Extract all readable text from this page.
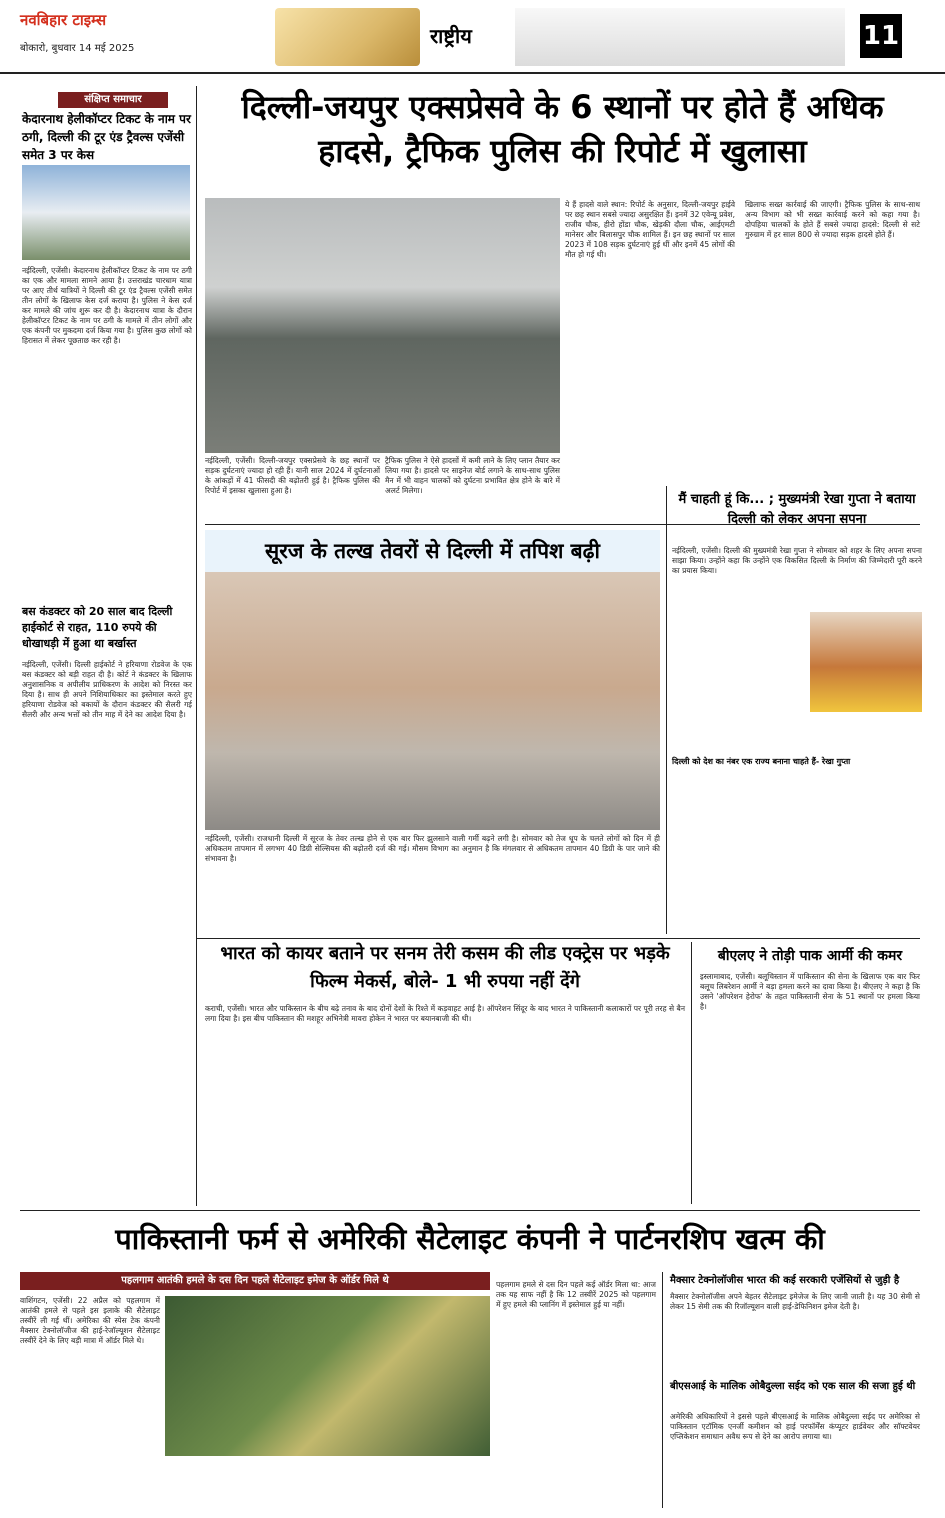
नवबिहार टाइम्स
बोकारो, बुधवार 14 मई 2025
राष्ट्रीय	11
संक्षिप्त समाचार
केदारनाथ हेलीकॉप्टर टिकट के नाम पर ठगी, दिल्ली की टूर एंड ट्रैवल्स एजेंसी समेत 3 पर केस
नईदिल्ली, एजेंसी। केदारनाथ हेलीकॉप्टर टिकट के नाम पर ठगी का एक और मामला सामने आया है। उत्तराखंड चारधाम यात्रा पर आए तीर्थ यात्रियों ने दिल्ली की टूर एंड ट्रैवल्स एजेंसी समेत तीन लोगों के खिलाफ केस दर्ज कराया है। पुलिस ने केस दर्ज कर मामले की जांच शुरू कर दी है। केदारनाथ यात्रा के दौरान हेलीकॉप्टर टिकट के नाम पर ठगी के मामले में तीन लोगों और एक कंपनी पर मुकदमा दर्ज किया गया है। पुलिस कुछ लोगों को हिरासत में लेकर पूछताछ कर रही है।
बस कंडक्टर को 20 साल बाद दिल्ली हाईकोर्ट से राहत, 110 रुपये की धोखाधड़ी में हुआ था बर्खास्त
नईदिल्ली, एजेंसी। दिल्ली हाईकोर्ट ने हरियाणा रोडवेज के एक बस कंडक्टर को बड़ी राहत दी है। कोर्ट ने कंडक्टर के खिलाफ अनुशासनिक व अपीलीय प्राधिकरण के आदेश को निरस्त कर दिया है। साथ ही अपने निशियाधिकार का इस्तेमाल करते हुए हरियाणा रोडवेज को बकायों के दौरान कंडक्टर की सैलरी गई सैलरी और अन्य भत्तों को तीन माह में देने का आदेश दिया है।
दिल्ली-जयपुर एक्सप्रेसवे के 6 स्थानों पर होते हैं अधिक हादसे, ट्रैफिक पुलिस की रिपोर्ट में खुलासा
नईदिल्ली, एजेंसी। दिल्ली-जयपुर एक्सप्रेसवे के छह स्थानों पर सड़क दुर्घटनाएं ज्यादा हो रही हैं। यानी साल 2024 में दुर्घटनाओं के आंकड़ों में 41 फीसदी की बढ़ोतरी हुई है। ट्रैफिक पुलिस की रिपोर्ट में इसका खुलासा हुआ है।
ट्रैफिक पुलिस ने ऐसे हादसों में कमी लाने के लिए प्लान तैयार कर लिया गया है। हादसे पर साइनेज बोर्ड लगाने के साथ-साथ पुलिस मैन में भी वाहन चालकों को दुर्घटना प्रभावित क्षेत्र होने के बारे में अलर्ट मिलेगा।
ये हैं हादसे वाले स्थान: रिपोर्ट के अनुसार, दिल्ली-जयपुर हाईवे पर छह स्थान सबसे ज्यादा असुरक्षित हैं। इनमें 32 एवेन्यू प्रवेश, राजीव चौक, हीरो होंडा चौक, खेड़की दौला चौक, आईएमटी मानेसर और बिलासपुर चौक शामिल हैं। इन छह स्थानों पर साल 2023 में 108 सड़क दुर्घटनाएं हुई थीं और इनमें 45 लोगों की मौत हो गई थी।
खिलाफ सख्त कार्रवाई की जाएगी। ट्रैफिक पुलिस के साथ-साथ अन्य विभाग को भी सख्त कार्रवाई करने को कहा गया है। दोपहिया चालकों के होते हैं सबसे ज्यादा हादसे: दिल्ली से सटे गुरुग्राम में हर साल 800 से ज्यादा सड़क हादसे होते हैं।
सूरज के तल्ख तेवरों से दिल्ली में तपिश बढ़ी
नईदिल्ली, एजेंसी। राजधानी दिल्ली में सूरज के तेवर तल्ख होने से एक बार फिर झुलसाने वाली गर्मी बढ़ने लगी है। सोमवार को तेज धूप के चलते लोगों को दिन में ही अधिकतम तापमान में लगभग 40 डिग्री सेल्सियस की बढ़ोतरी दर्ज की गई। मौसम विभाग का अनुमान है कि मंगलवार से अधिकतम तापमान 40 डिग्री के पार जाने की संभावना है।
मैं चाहती हूं कि... ; मुख्यमंत्री रेखा गुप्ता ने बताया दिल्ली को लेकर अपना सपना
नईदिल्ली, एजेंसी। दिल्ली की मुख्यमंत्री रेखा गुप्ता ने सोमवार को शहर के लिए अपना सपना साझा किया। उन्होंने कहा कि उन्होंने एक विकसित दिल्ली के निर्माण की जिम्मेदारी पूरी करने का प्रयास किया।
दिल्ली को देश का नंबर एक राज्य बनाना चाहते हैं- रेखा गुप्ता
भारत को कायर बताने पर सनम तेरी कसम की लीड एक्ट्रेस पर भड़के फिल्म मेकर्स, बोले- 1 भी रुपया नहीं देंगे
कराची, एजेंसी। भारत और पाकिस्तान के बीच बढ़े तनाव के बाद दोनों देशों के रिश्ते में कड़वाहट आई है। ऑपरेशन सिंदूर के बाद भारत ने पाकिस्तानी कलाकारों पर पूरी तरह से बैन लगा दिया है। इस बीच पाकिस्तान की मशहूर अभिनेत्री मावरा होकेन ने भारत पर बयानबाजी की थी।
बीएलए ने तोड़ी पाक आर्मी की कमर
इस्लामाबाद, एजेंसी। बलूचिस्तान में पाकिस्तान की सेना के खिलाफ एक बार फिर बलूच लिबरेशन आर्मी ने बड़ा हमला करने का दावा किया है। बीएलए ने कहा है कि उसने 'ऑपरेशन हेरोफ' के तहत पाकिस्तानी सेना के 51 स्थानों पर हमला किया है।
पाकिस्तानी फर्म से अमेरिकी सैटेलाइट कंपनी ने पार्टनरशिप खत्म की
पहलगाम आतंकी हमले के दस दिन पहले सैटेलाइट इमेज के ऑर्डर मिले थे
वाशिंगटन, एजेंसी। 22 अप्रैल को पहलगाम में आतंकी हमले से पहले इस इलाके की सैटेलाइट तस्वीरें ली गई थीं। अमेरिका की स्पेस टेक कंपनी मैक्सार टेक्नोलॉजीज की हाई-रेजॉल्यूशन सैटेलाइट तस्वीरें देने के लिए बड़ी मात्रा में ऑर्डर मिले थे।
पहलगाम हमले से दस दिन पहले कई ऑर्डर मिला था: आज तक यह साफ नहीं है कि 12 तस्वीरें 2025 को पहलगाम में हुए हमले की प्लानिंग में इस्तेमाल हुई या नहीं।
मैक्सार टेक्नोलॉजीस भारत की कई सरकारी एजेंसियों से जुड़ी है
मैक्सार टेक्नोलॉजीस अपने बेहतर सैटेलाइट इमेजेज के लिए जानी जाती है। यह 30 सेमी से लेकर 15 सेमी तक की रिजॉल्यूशन वाली हाई-डेफिनिशन इमेज देती है।
बीएसआई के मालिक ओबैदुल्ला सईद को एक साल की सजा हुई थी
अमेरिकी अधिकारियों ने इससे पहले बीएसआई के मालिक ओबैदुल्ला सईद पर अमेरिका से पाकिस्तान एटॉमिक एनर्जी कमीशन को हाई परफॉर्मेंस कंप्यूटर हार्डवेयर और सॉफ्टवेयर एप्लिकेशन समाधान अवैध रूप से देने का आरोप लगाया था।
